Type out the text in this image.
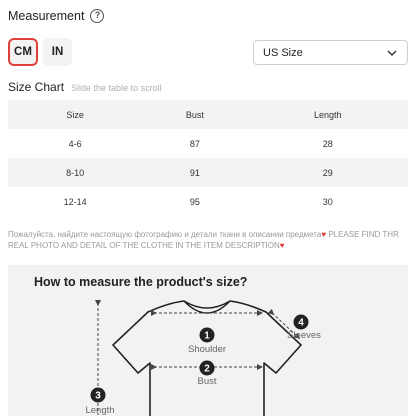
Measurement	?
CM	IN	US Size
Size Chart Slide the table to scroll
Size	Bust	Length
4-6	87	28
8-10	91	29
12-14	95	30
Пожалуйста, найдите настоящую фотографию и детали ткани в описании предмета♥ PLEASE FIND THR REAL PHOTO AND DETAIL OF THE CLOTHE IN THE ITEM DESCRIPTION♥
How to measure the product's size?
1
Shoulder
2
Bust
3
Length
4
Sleeves
